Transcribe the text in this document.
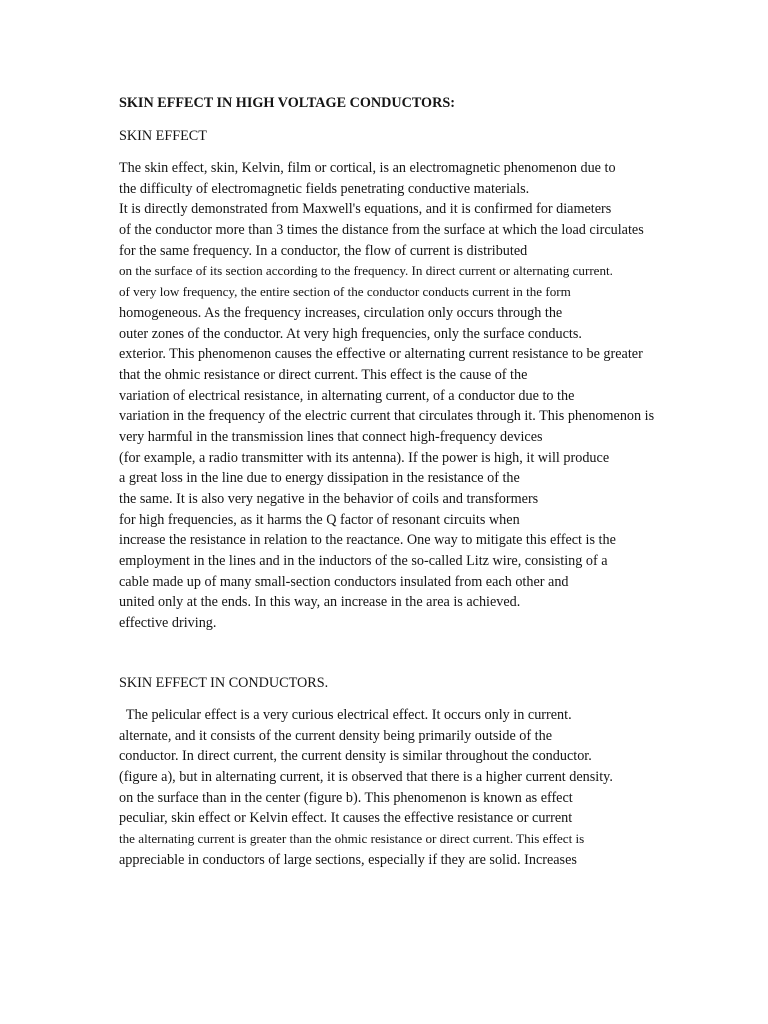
SKIN EFFECT IN HIGH VOLTAGE CONDUCTORS:
SKIN EFFECT
The skin effect, skin, Kelvin, film or cortical, is an electromagnetic phenomenon due to
the difficulty of electromagnetic fields penetrating conductive materials.
It is directly demonstrated from Maxwell's equations, and it is confirmed for diameters
of the conductor more than 3 times the distance from the surface at which the load circulates
for the same frequency. In a conductor, the flow of current is distributed
on the surface of its section according to the frequency. In direct current or alternating current.
of very low frequency, the entire section of the conductor conducts current in the form
homogeneous. As the frequency increases, circulation only occurs through the
outer zones of the conductor. At very high frequencies, only the surface conducts.
exterior. This phenomenon causes the effective or alternating current resistance to be greater
that the ohmic resistance or direct current. This effect is the cause of the
variation of electrical resistance, in alternating current, of a conductor due to the
variation in the frequency of the electric current that circulates through it. This phenomenon is
very harmful in the transmission lines that connect high-frequency devices
(for example, a radio transmitter with its antenna). If the power is high, it will produce
a great loss in the line due to energy dissipation in the resistance of the
the same. It is also very negative in the behavior of coils and transformers
for high frequencies, as it harms the Q factor of resonant circuits when
increase the resistance in relation to the reactance. One way to mitigate this effect is the
employment in the lines and in the inductors of the so-called Litz wire, consisting of a
cable made up of many small-section conductors insulated from each other and
united only at the ends. In this way, an increase in the area is achieved.
effective driving.
SKIN EFFECT IN CONDUCTORS.
The pelicular effect is a very curious electrical effect. It occurs only in current.
alternate, and it consists of the current density being primarily outside of the
conductor. In direct current, the current density is similar throughout the conductor.
(figure a), but in alternating current, it is observed that there is a higher current density.
on the surface than in the center (figure b). This phenomenon is known as effect
peculiar, skin effect or Kelvin effect. It causes the effective resistance or current
the alternating current is greater than the ohmic resistance or direct current. This effect is
appreciable in conductors of large sections, especially if they are solid. Increases
